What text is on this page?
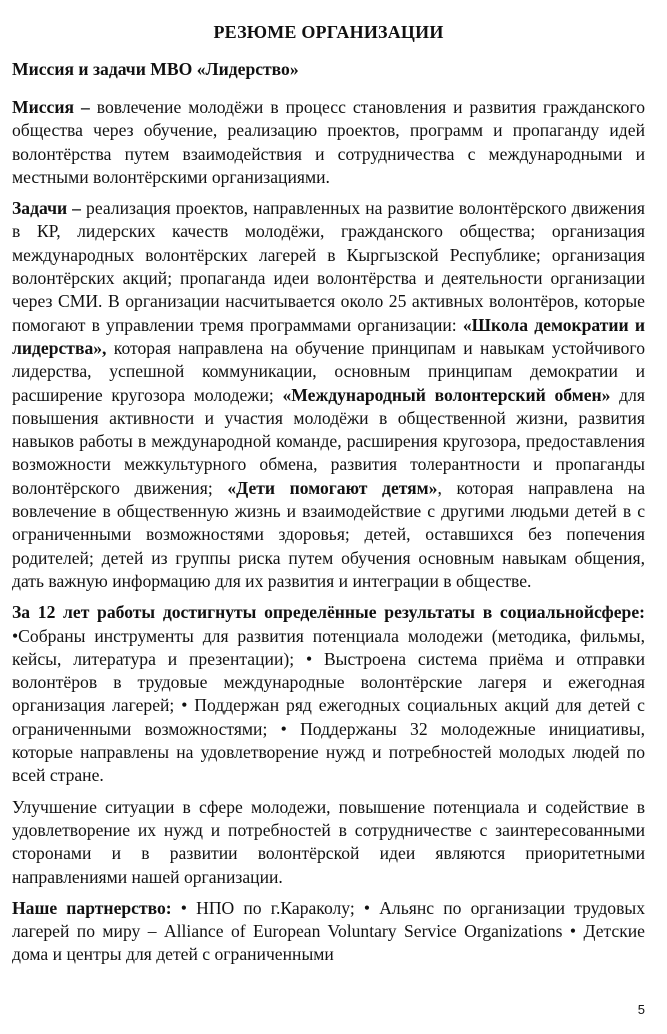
РЕЗЮМЕ ОРГАНИЗАЦИИ
Миссия и задачи МВО «Лидерство»

Миссия – вовлечение молодёжи в процесс становления и развития гражданского общества через обучение, реализацию проектов, программ и пропаганду идей волонтёрства путем взаимодействия и сотрудничества с международными и местными волонтёрскими организациями.

Задачи – реализация проектов, направленных на развитие волонтёрского движения в КР, лидерских качеств молодёжи, гражданского общества; организация международных волонтёрских лагерей в Кыргызской Республике; организация волонтёрских акций; пропаганда идеи волонтёрства и деятельности организации через СМИ. В организации насчитывается около 25 активных волонтёров, которые помогают в управлении тремя программами организации: «Школа демократии и лидерства», которая направлена на обучение принципам и навыкам устойчивого лидерства, успешной коммуникации, основным принципам демократии и расширение кругозора молодежи; «Международный волонтерский обмен» для повышения активности и участия молодёжи в общественной жизни, развития навыков работы в международной команде, расширения кругозора, предоставления возможности межкультурного обмена, развития толерантности и пропаганды волонтёрского движения; «Дети помогают детям», которая направлена на вовлечение в общественную жизнь и взаимодействие с другими людьми детей в с ограниченными возможностями здоровья; детей, оставшихся без попечения родителей; детей из группы риска путем обучения основным навыкам общения, дать важную информацию для их развития и интеграции в обществе.

За 12 лет работы достигнуты определённые результаты в социальнойсфере: •Собраны инструменты для развития потенциала молодежи (методика, фильмы, кейсы, литература и презентации); • Выстроена система приёма и отправки волонтёров в трудовые международные волонтёрские лагеря и ежегодная организация лагерей; • Поддержан ряд ежегодных социальных акций для детей с ограниченными возможностями; • Поддержаны 32 молодежные инициативы, которые направлены на удовлетворение нужд и потребностей молодых людей по всей стране.

Улучшение ситуации в сфере молодежи, повышение потенциала и содействие в удовлетворение их нужд и потребностей в сотрудничестве с заинтересованными сторонами и в развитии волонтёрской идеи являются приоритетными направлениями нашей организации.

Наше партнерство: • НПО по г.Караколу; • Альянс по организации трудовых лагерей по миру – Alliance of European Voluntary Service Organizations • Детские дома и центры для детей с ограниченными

5
